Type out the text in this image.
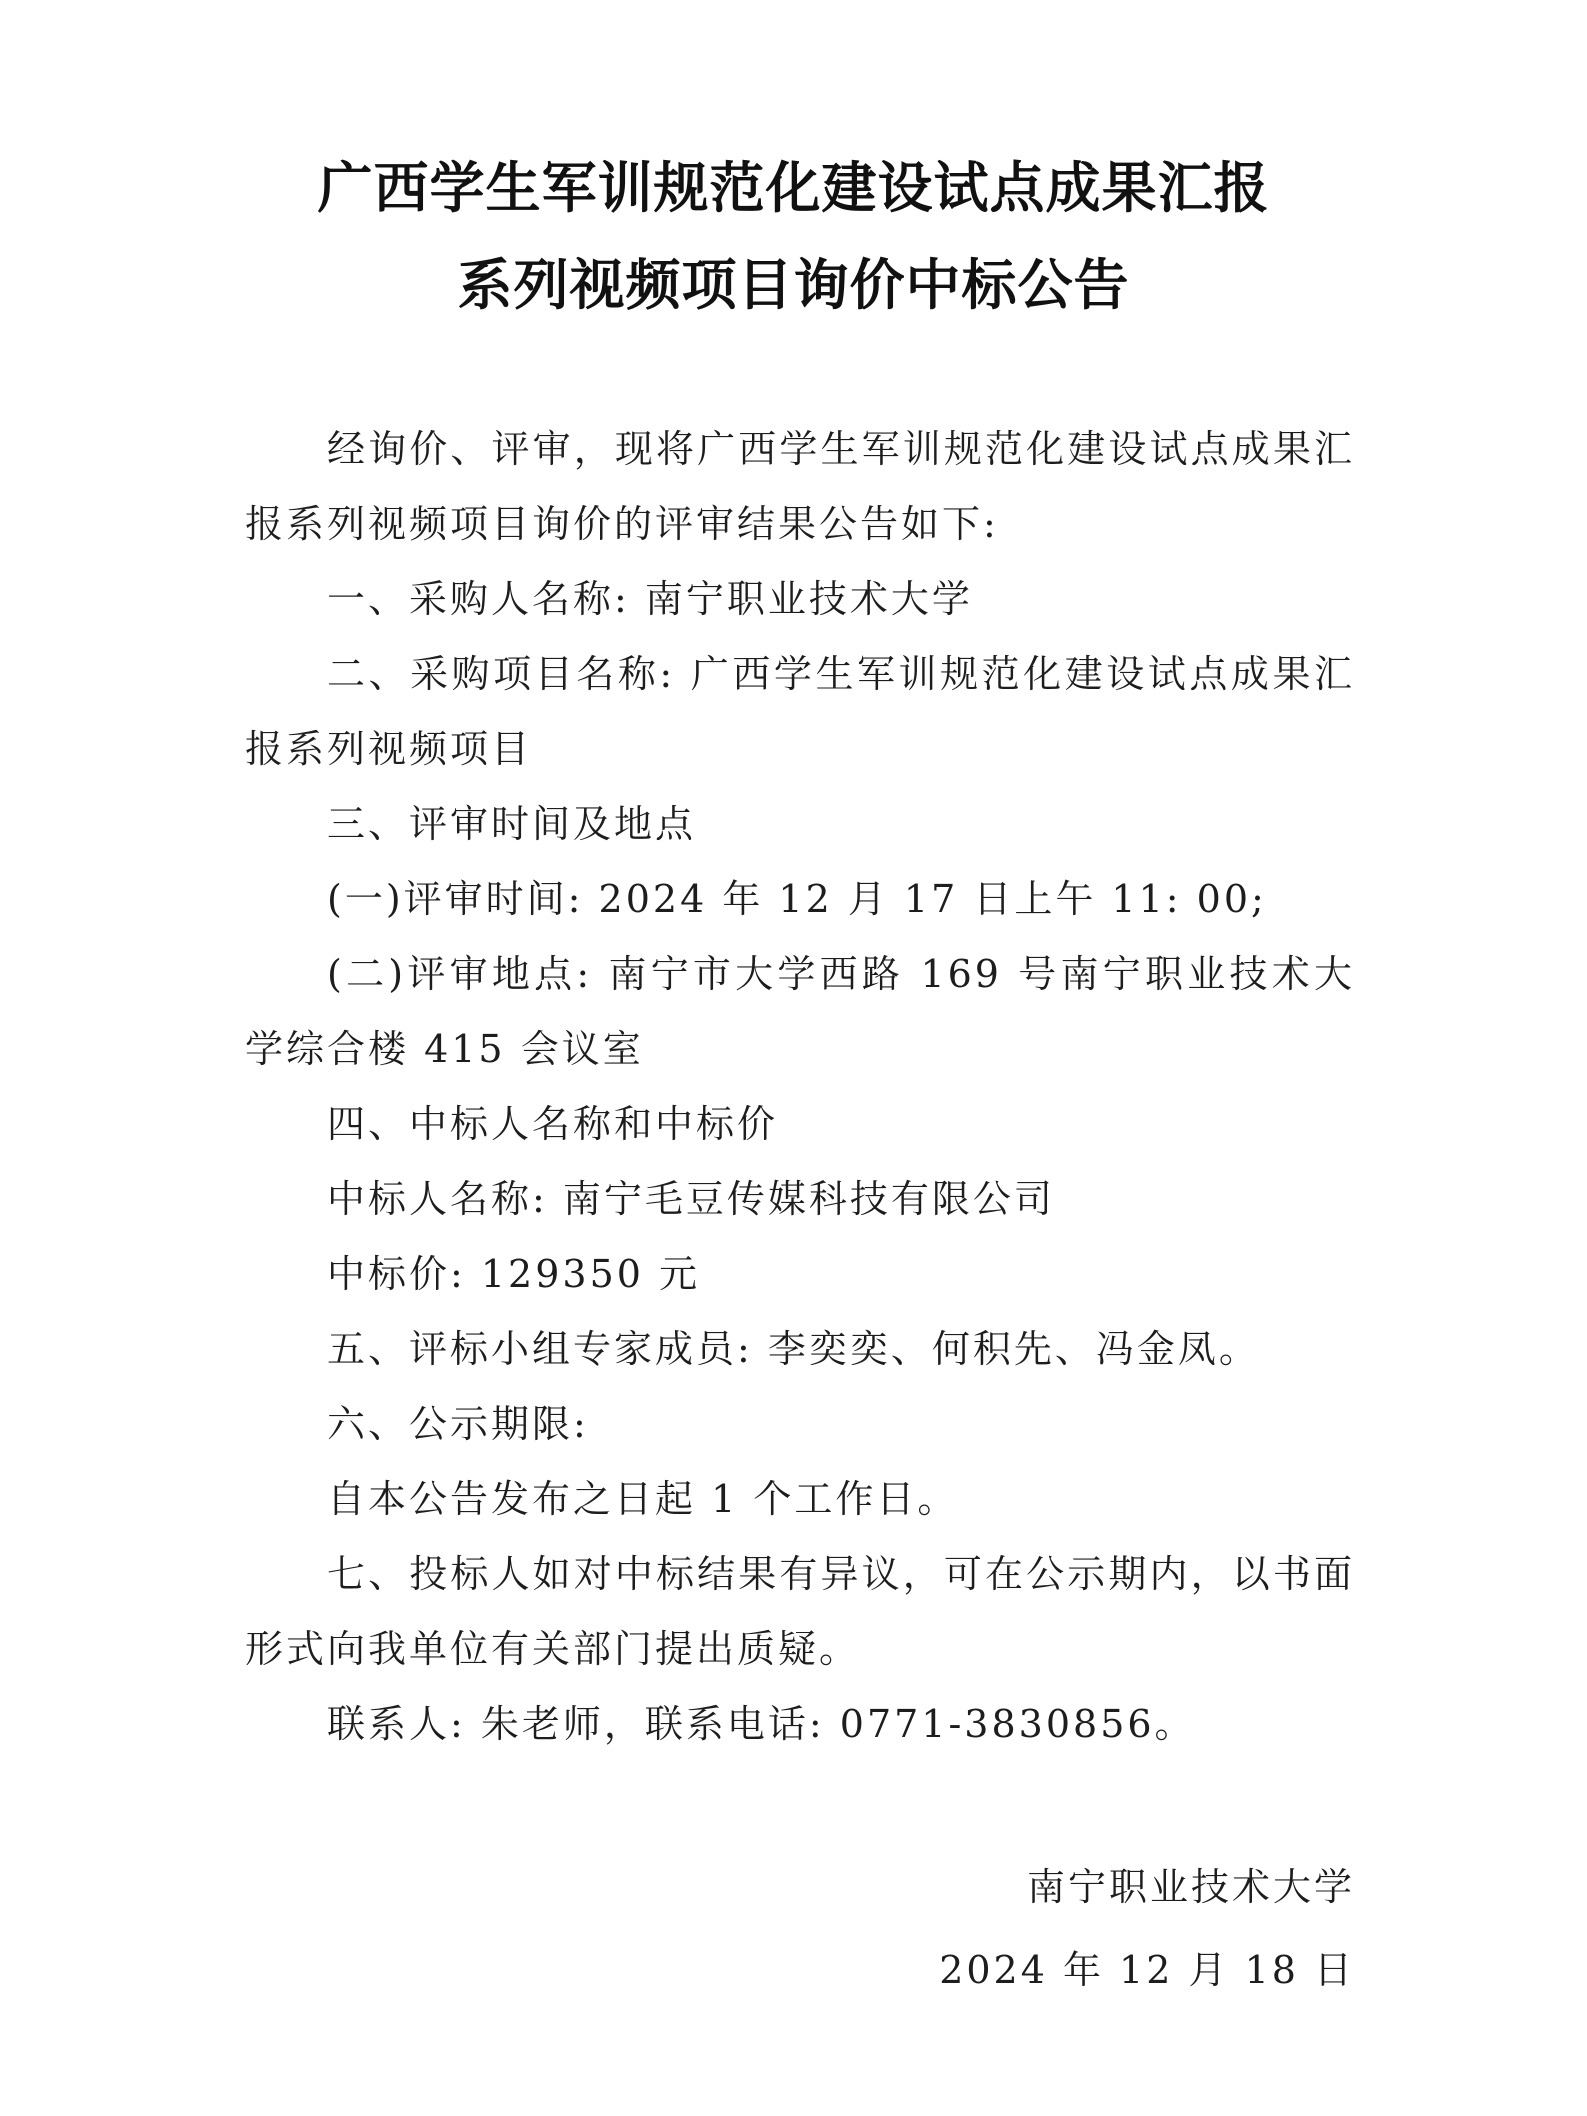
广西学生军训规范化建设试点成果汇报
系列视频项目询价中标公告

经询价、评审，现将广西学生军训规范化建设试点成果汇报系列视频项目询价的评审结果公告如下:

一、采购人名称: 南宁职业技术大学

二、采购项目名称: 广西学生军训规范化建设试点成果汇报系列视频项目

三、评审时间及地点

(一)评审时间: 2024 年 12 月 17 日上午 11: 00;

(二)评审地点: 南宁市大学西路 169 号南宁职业技术大学综合楼 415 会议室

四、中标人名称和中标价

中标人名称: 南宁毛豆传媒科技有限公司

中标价: 129350 元

五、评标小组专家成员: 李奕奕、何积先、冯金凤。

六、公示期限:

自本公告发布之日起 1 个工作日。

七、投标人如对中标结果有异议，可在公示期内，以书面形式向我单位有关部门提出质疑。

联系人: 朱老师，联系电话: 0771-3830856。

南宁职业技术大学
2024 年 12 月 18 日
